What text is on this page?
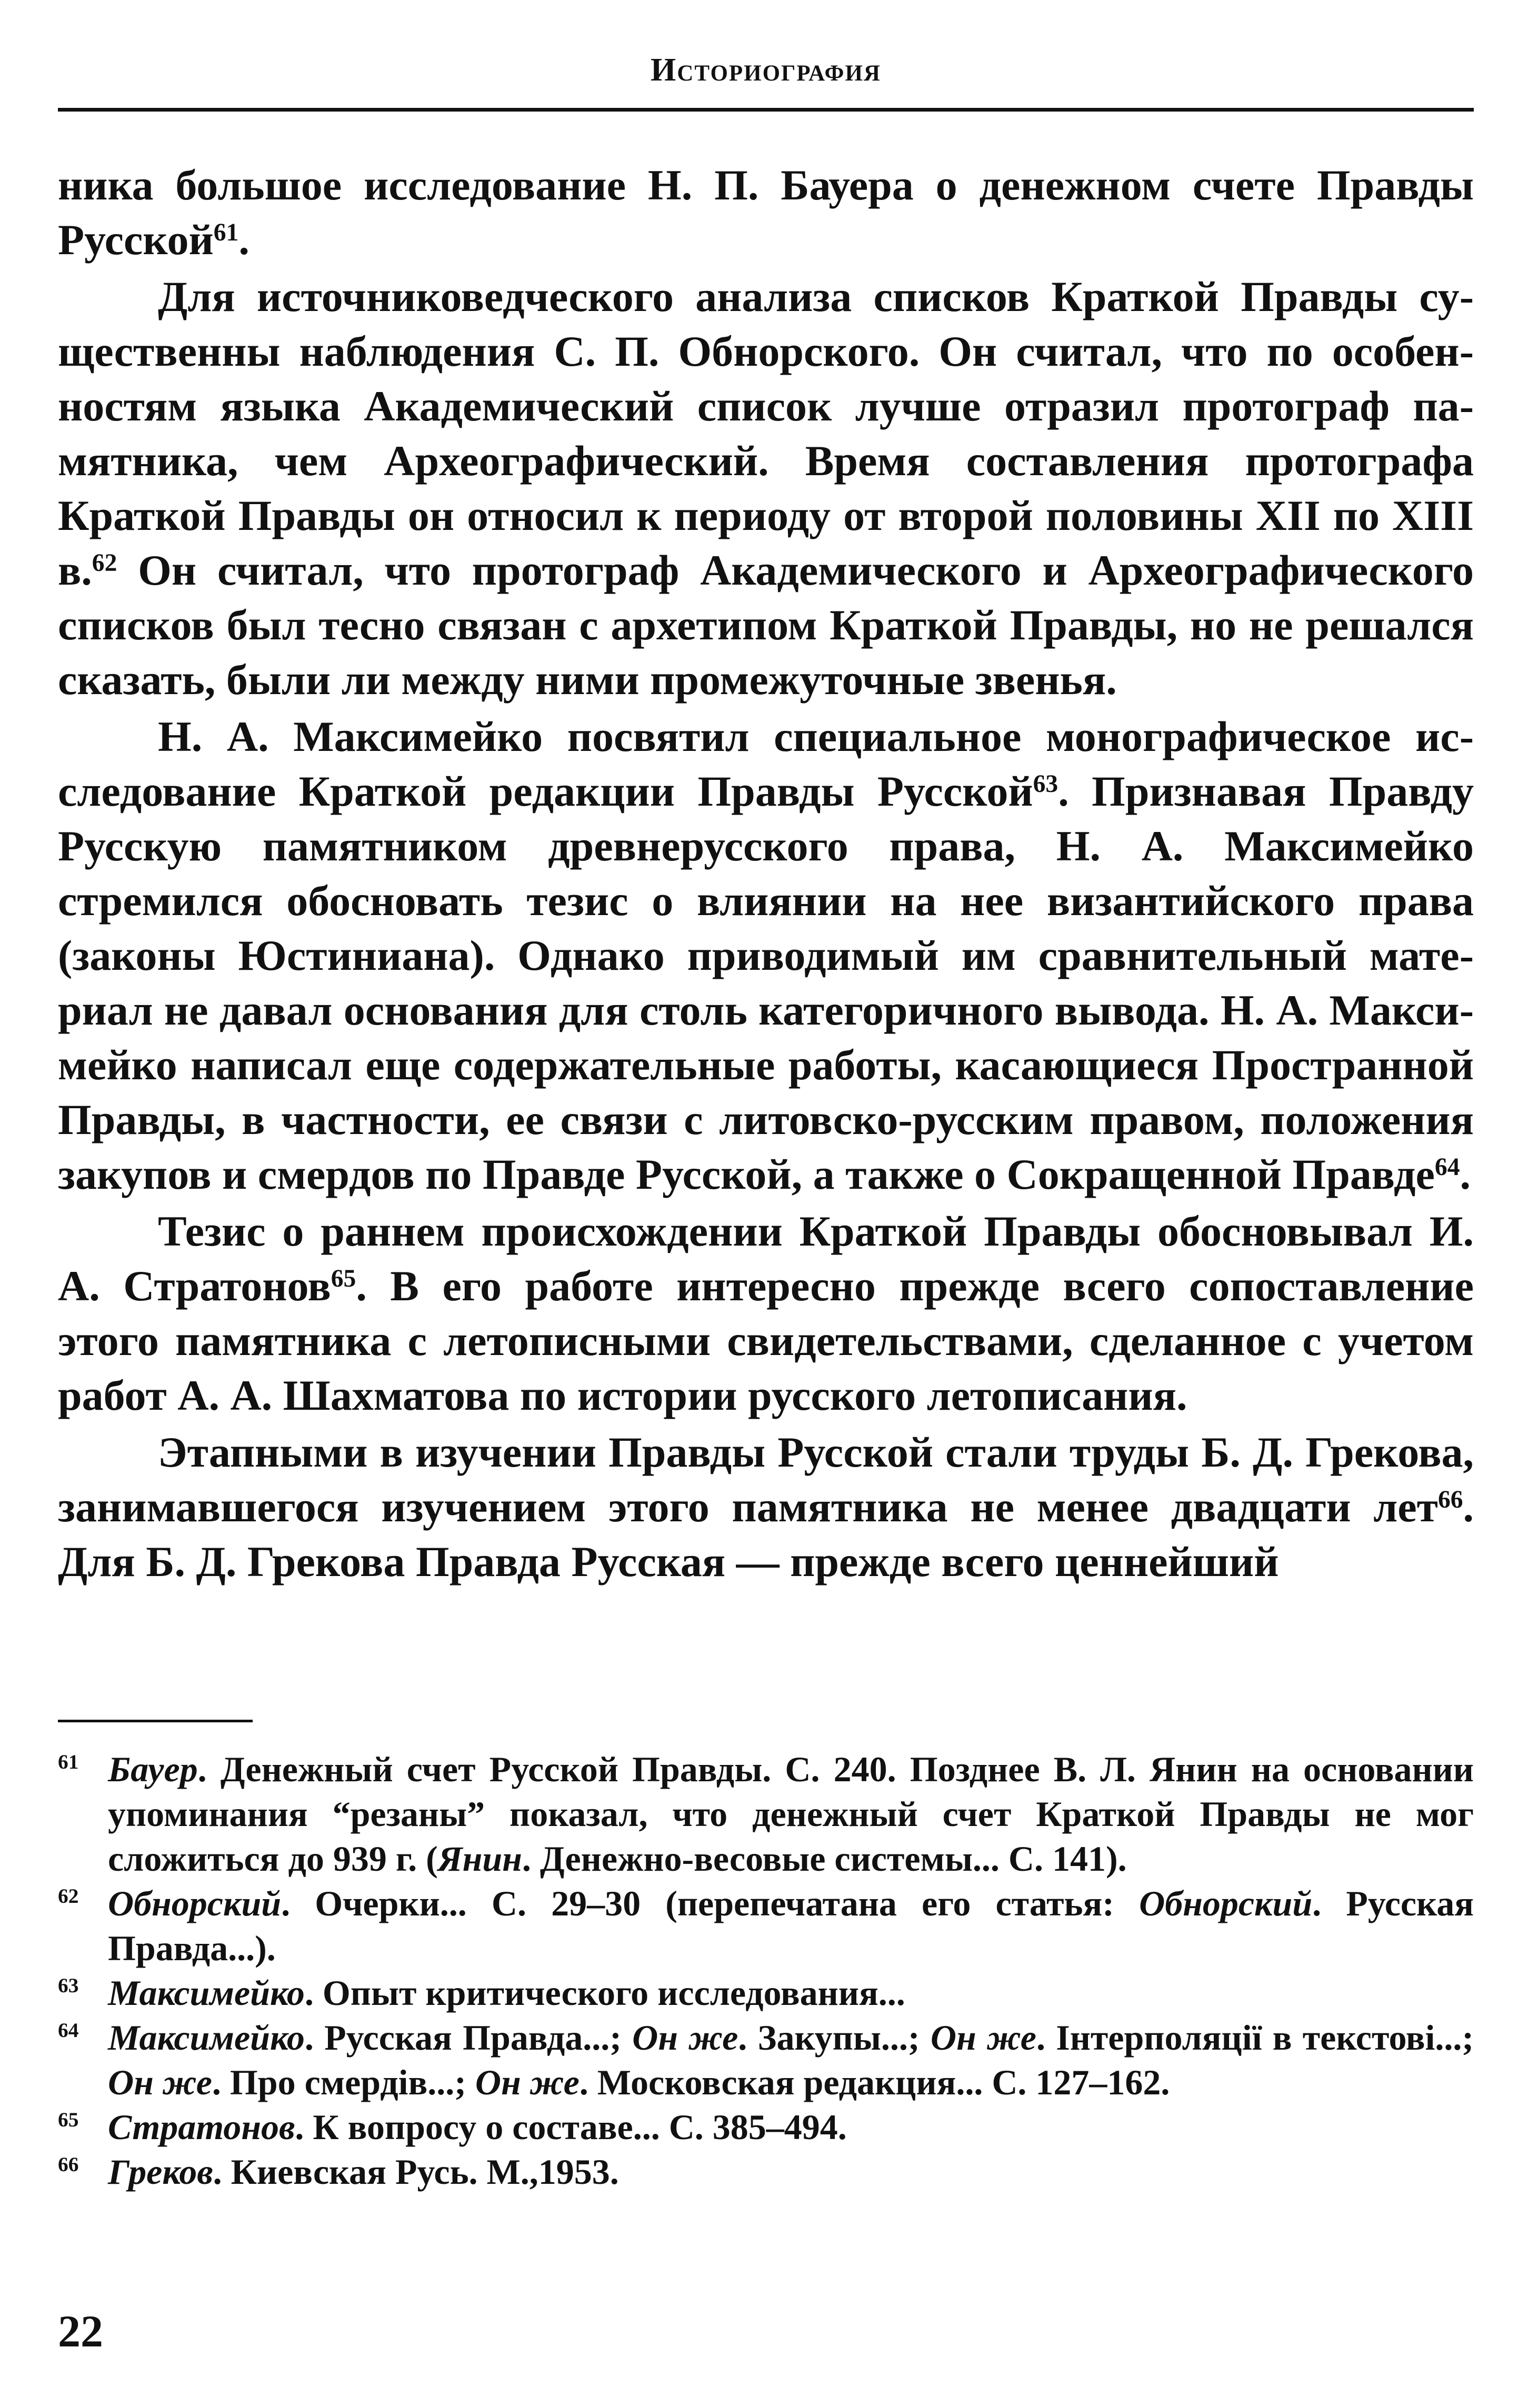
Историография

ника большое исследование Н. П. Бауера о денежном счете Правды Русской$^{61}$.

Для источниковедческого анализа списков Краткой Правды существенны наблюдения С. П. Обнорского. Он считал, что по особенностям языка Академический список лучше отразил протограф памятника, чем Археографический. Время составления протографа Краткой Правды он относил к периоду от второй половины XII по XIII в.$^{62}$ Он считал, что протограф Академического и Археографического списков был тесно связан с архетипом Краткой Правды, но не решался сказать, были ли между ними промежуточные звенья.

Н. А. Максимейко посвятил специальное монографическое исследование Краткой редакции Правды Русской$^{63}$. Признавая Правду Русскую памятником древнерусского права, Н. А. Максимейко стремился обосновать тезис о влиянии на нее византийского права (законы Юстиниана). Однако приводимый им сравнительный материал не давал основания для столь категоричного вывода. Н. А. Максимейко написал еще содержательные работы, касающиеся Пространной Правды, в частности, ее связи с литовско-русским правом, положения закупов и смердов по Правде Русской, а также о Сокращенной Правде$^{64}$.

Тезис о раннем происхождении Краткой Правды обосновывал И. А. Стратонов$^{65}$. В его работе интересно прежде всего сопоставление этого памятника с летописными свидетельствами, сделанное с учетом работ А. А. Шахматова по истории русского летописания.

Этапными в изучении Правды Русской стали труды Б. Д. Грекова, занимавшегося изучением этого памятника не менее двадцати лет$^{66}$. Для Б. Д. Грекова Правда Русская — прежде всего ценнейший

61 Бауер. Денежный счет Русской Правды. С. 240. Позднее В. Л. Янин на основании упоминания “резаны” показал, что денежный счет Краткой Правды не мог сложиться до 939 г. (Янин. Денежно-весовые системы... С. 141).

62 Обнорский. Очерки... С. 29–30 (перепечатана его статья: Обнорский. Русская Правда...).

63 Максимейко. Опыт критического исследования...

64 Максимейко. Русская Правда...; Он же. Закупы...; Он же. Інтерполяції в текстові...; Он же. Про смердів...; Он же. Московская редакция... С. 127–162.

65 Стратонов. К вопросу о составе... С. 385–494.

66 Греков. Киевская Русь. М.,1953.

22
